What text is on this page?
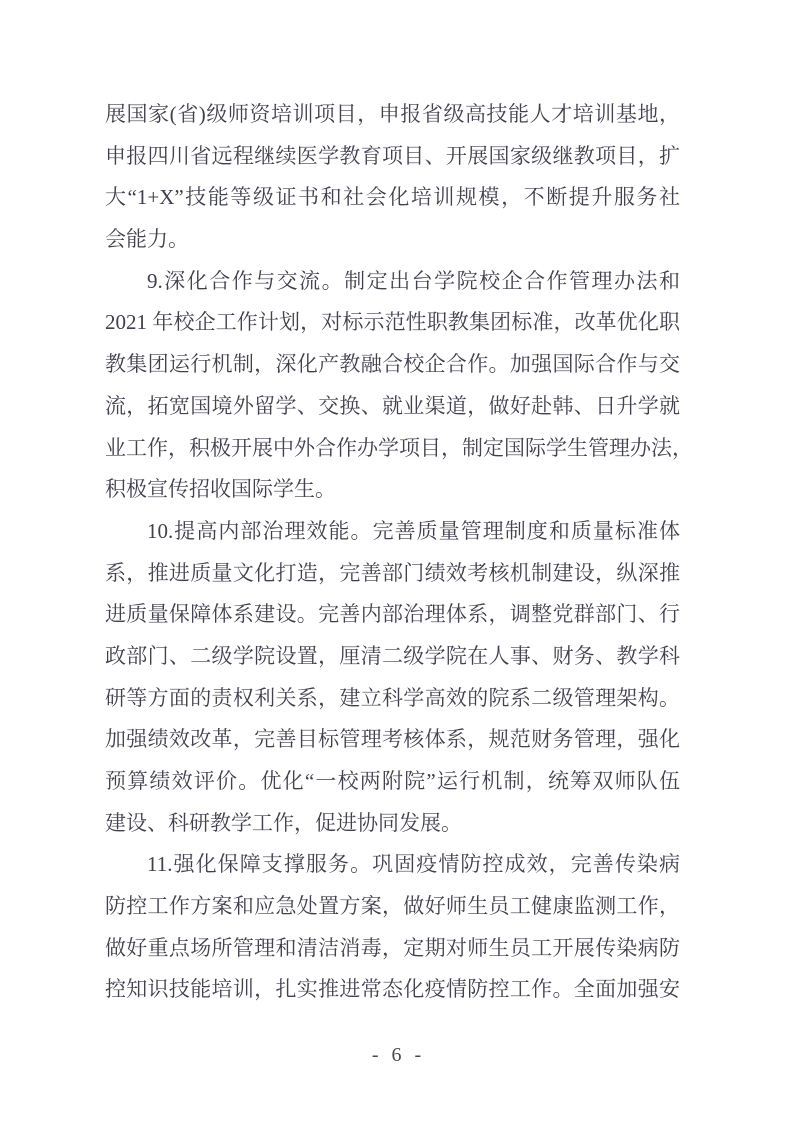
展国家(省)级师资培训项目，申报省级高技能人才培训基地，
申报四川省远程继续医学教育项目、开展国家级继教项目，扩
大“1+X”技能等级证书和社会化培训规模，不断提升服务社
会能力。
9.深化合作与交流。制定出台学院校企合作管理办法和
2021 年校企工作计划，对标示范性职教集团标准，改革优化职
教集团运行机制，深化产教融合校企合作。加强国际合作与交
流，拓宽国境外留学、交换、就业渠道，做好赴韩、日升学就
业工作，积极开展中外合作办学项目，制定国际学生管理办法，
积极宣传招收国际学生。
10.提高内部治理效能。完善质量管理制度和质量标准体
系，推进质量文化打造，完善部门绩效考核机制建设，纵深推
进质量保障体系建设。完善内部治理体系，调整党群部门、行
政部门、二级学院设置，厘清二级学院在人事、财务、教学科
研等方面的责权利关系，建立科学高效的院系二级管理架构。
加强绩效改革，完善目标管理考核体系，规范财务管理，强化
预算绩效评价。优化“一校两附院”运行机制，统筹双师队伍
建设、科研教学工作，促进协同发展。
11.强化保障支撑服务。巩固疫情防控成效，完善传染病
防控工作方案和应急处置方案，做好师生员工健康监测工作，
做好重点场所管理和清洁消毒，定期对师生员工开展传染病防
控知识技能培训，扎实推进常态化疫情防控工作。全面加强安
- 6 -
